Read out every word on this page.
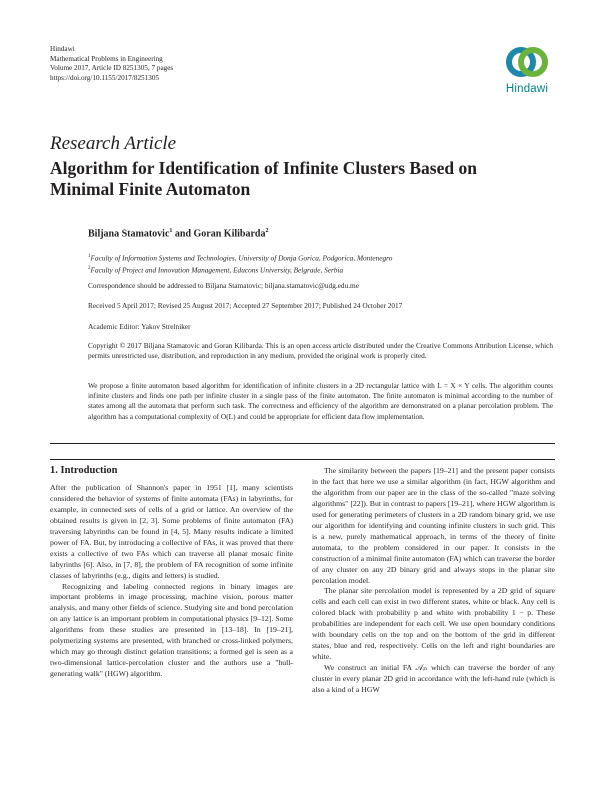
Hindawi
Mathematical Problems in Engineering
Volume 2017, Article ID 8251305, 7 pages
https://doi.org/10.1155/2017/8251305
Hindawi
Research Article
Algorithm for Identification of Infinite Clusters Based on Minimal Finite Automaton
Biljana Stamatovic$^1$ and Goran Kilibarda$^2$
$^1$Faculty of Information Systems and Technologies, University of Donja Gorica, Podgorica, Montenegro
$^2$Faculty of Project and Innovation Management, Educons University, Belgrade, Serbia
Correspondence should be addressed to Biljana Stamatovic; biljana.stamatovic@udg.edu.me
Received 5 April 2017; Revised 25 August 2017; Accepted 27 September 2017; Published 24 October 2017
Academic Editor: Yakov Strelniker
Copyright © 2017 Biljana Stamatovic and Goran Kilibarda. This is an open access article distributed under the Creative Commons Attribution License, which permits unrestricted use, distribution, and reproduction in any medium, provided the original work is properly cited.
We propose a finite automaton based algorithm for identification of infinite clusters in a 2D rectangular lattice with L = X × Y cells. The algorithm counts infinite clusters and finds one path per infinite cluster in a single pass of the finite automaton. The finite automaton is minimal according to the number of states among all the automata that perform such task. The correctness and efficiency of the algorithm are demonstrated on a planar percolation problem. The algorithm has a computational complexity of O(L) and could be appropriate for efficient data flow implementation.
1. Introduction

After the publication of Shannon's paper in 1951 [1], many scientists considered the behavior of systems of finite automata (FAs) in labyrinths, for example, in connected sets of cells of a grid or lattice. An overview of the obtained results is given in [2, 3]. Some problems of finite automaton (FA) traversing labyrinths can be found in [4, 5]. Many results indicate a limited power of FA. But, by introducing a collective of FAs, it was proved that there exists a collective of two FAs which can traverse all planar mosaic finite labyrinths [6]. Also, in [7, 8], the problem of FA recognition of some infinite classes of labyrinths (e.g., digits and letters) is studied.

Recognizing and labeling connected regions in binary images are important problems in image processing, machine vision, porous matter analysis, and many other fields of science. Studying site and bond percolation on any lattice is an important problem in computational physics [9–12]. Some algorithms from these studies are presented in [13–18]. In [19–21], polymerizing systems are presented, with branched or cross-linked polymers, which may go through distinct gelation transitions; a formed gel is seen as a two-dimensional lattice-percolation cluster and the authors use a "hull-generating walk" (HGW) algorithm.

The similarity between the papers [19–21] and the present paper consists in the fact that here we use a similar algorithm (in fact, HGW algorithm and the algorithm from our paper are in the class of the so-called "maze solving algorithms" [22]). But in contrast to papers [19–21], where HGW algorithm is used for generating perimeters of clusters in a 2D random binary grid, we use our algorithm for identifying and counting infinite clusters in such grid. This is a new, purely mathematical approach, in terms of the theory of finite automata, to the problem considered in our paper. It consists in the construction of a minimal finite automaton (FA) which can traverse the border of any cluster on any 2D binary grid and always stops in the planar site percolation model.

The planar site percolation model is represented by a 2D grid of square cells and each cell can exist in two different states, white or black. Any cell is colored black with probability p and white with probability 1 − p. These probabilities are independent for each cell. We use open boundary conditions with boundary cells on the top and on the bottom of the grid in different states, blue and red, respectively. Cells on the left and right boundaries are white.

We construct an initial FA 𝒜ᵢₙ which can traverse the border of any cluster in every planar 2D grid in accordance with the left-hand rule (which is also a kind of a HGW
